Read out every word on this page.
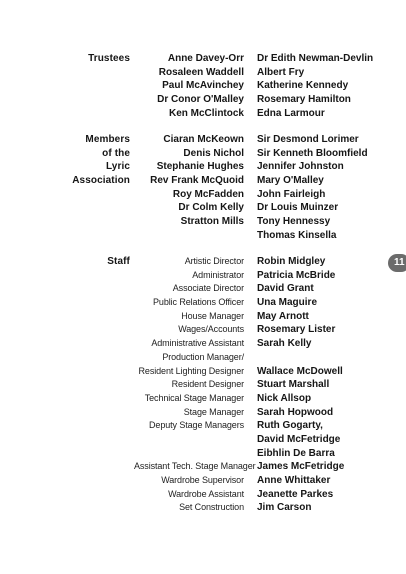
Trustees	Anne Davey-Orr
Rosaleen Waddell
Paul McAvinchey
Dr Conor O'Malley
Ken McClintock
Dr Edith Newman-Devlin
Albert Fry
Katherine Kennedy
Rosemary Hamilton
Edna Larmour
Members
of the
Lyric
Association
Ciaran McKeown
Denis Nichol
Stephanie Hughes
Rev Frank McQuoid
Roy McFadden
Dr Colm Kelly
Stratton Mills
Sir Desmond Lorimer
Sir Kenneth Bloomfield
Jennifer Johnston
Mary O'Malley
John Fairleigh
Dr Louis Muinzer
Tony Hennessy
Thomas Kinsella
Staff	Artistic Director
Administrator
Associate Director
Public Relations Officer
House Manager
Wages/Accounts
Administrative Assistant
Production Manager/
Resident Lighting Designer
Resident Designer
Technical Stage Manager
Stage Manager
Deputy Stage Managers
Assistant Tech. Stage Manager
Wardrobe Supervisor
Wardrobe Assistant
Set Construction
Robin Midgley
Patricia McBride
David Grant
Una Maguire
May Arnott
Rosemary Lister
Sarah Kelly
Wallace McDowell
Stuart Marshall
Nick Allsop
Sarah Hopwood
Ruth Gogarty,
David McFetridge
Eibhlin De Barra
James McFetridge
Anne Whittaker
Jeanette Parkes
Jim Carson
11
